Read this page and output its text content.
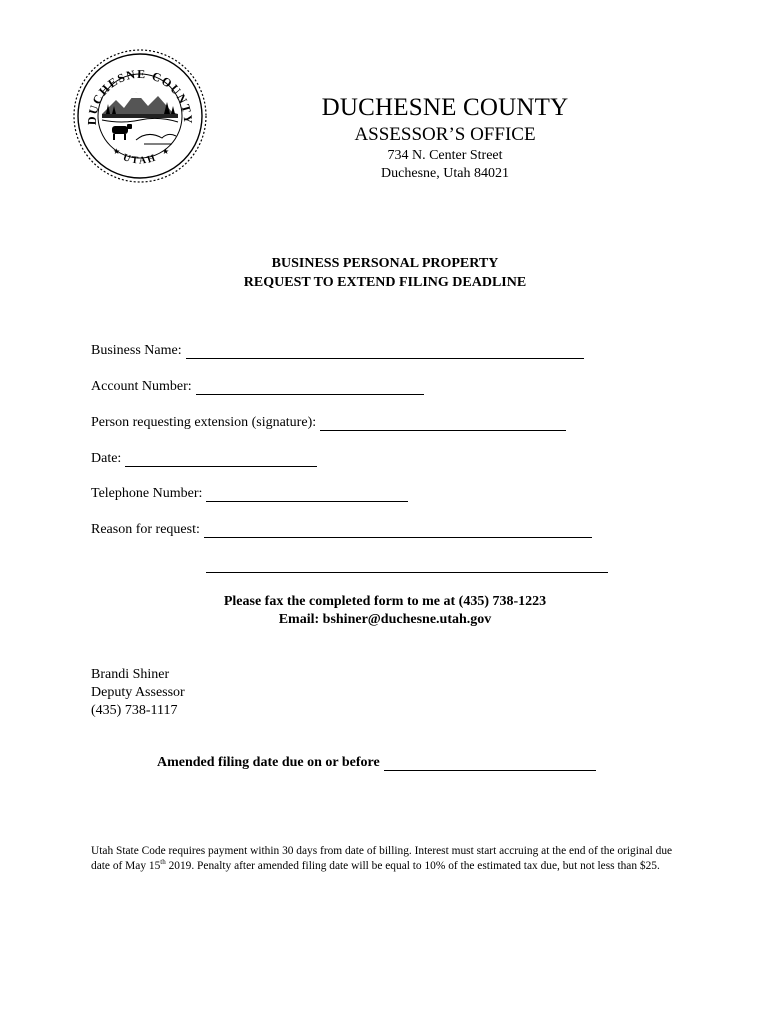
DUCHESNE COUNTY
UTAH
★	★
DUCHESNE COUNTY
ASSESSOR’S OFFICE
734 N. Center Street
Duchesne, Utah 84021
BUSINESS PERSONAL PROPERTY
REQUEST TO EXTEND FILING DEADLINE
Business Name:
Account Number:
Person requesting extension (signature):
Date:
Telephone Number:
Reason for request:
Please fax the completed form to me at (435) 738-1223
Email: bshiner@duchesne.utah.gov
Brandi Shiner
Deputy Assessor
(435) 738-1117
Amended filing date due on or before
Utah State Code requires payment within 30 days from date of billing. Interest must start accruing at the end of the original due date of May 15th 2019. Penalty after amended filing date will be equal to 10% of the estimated tax due, but not less than $25.
